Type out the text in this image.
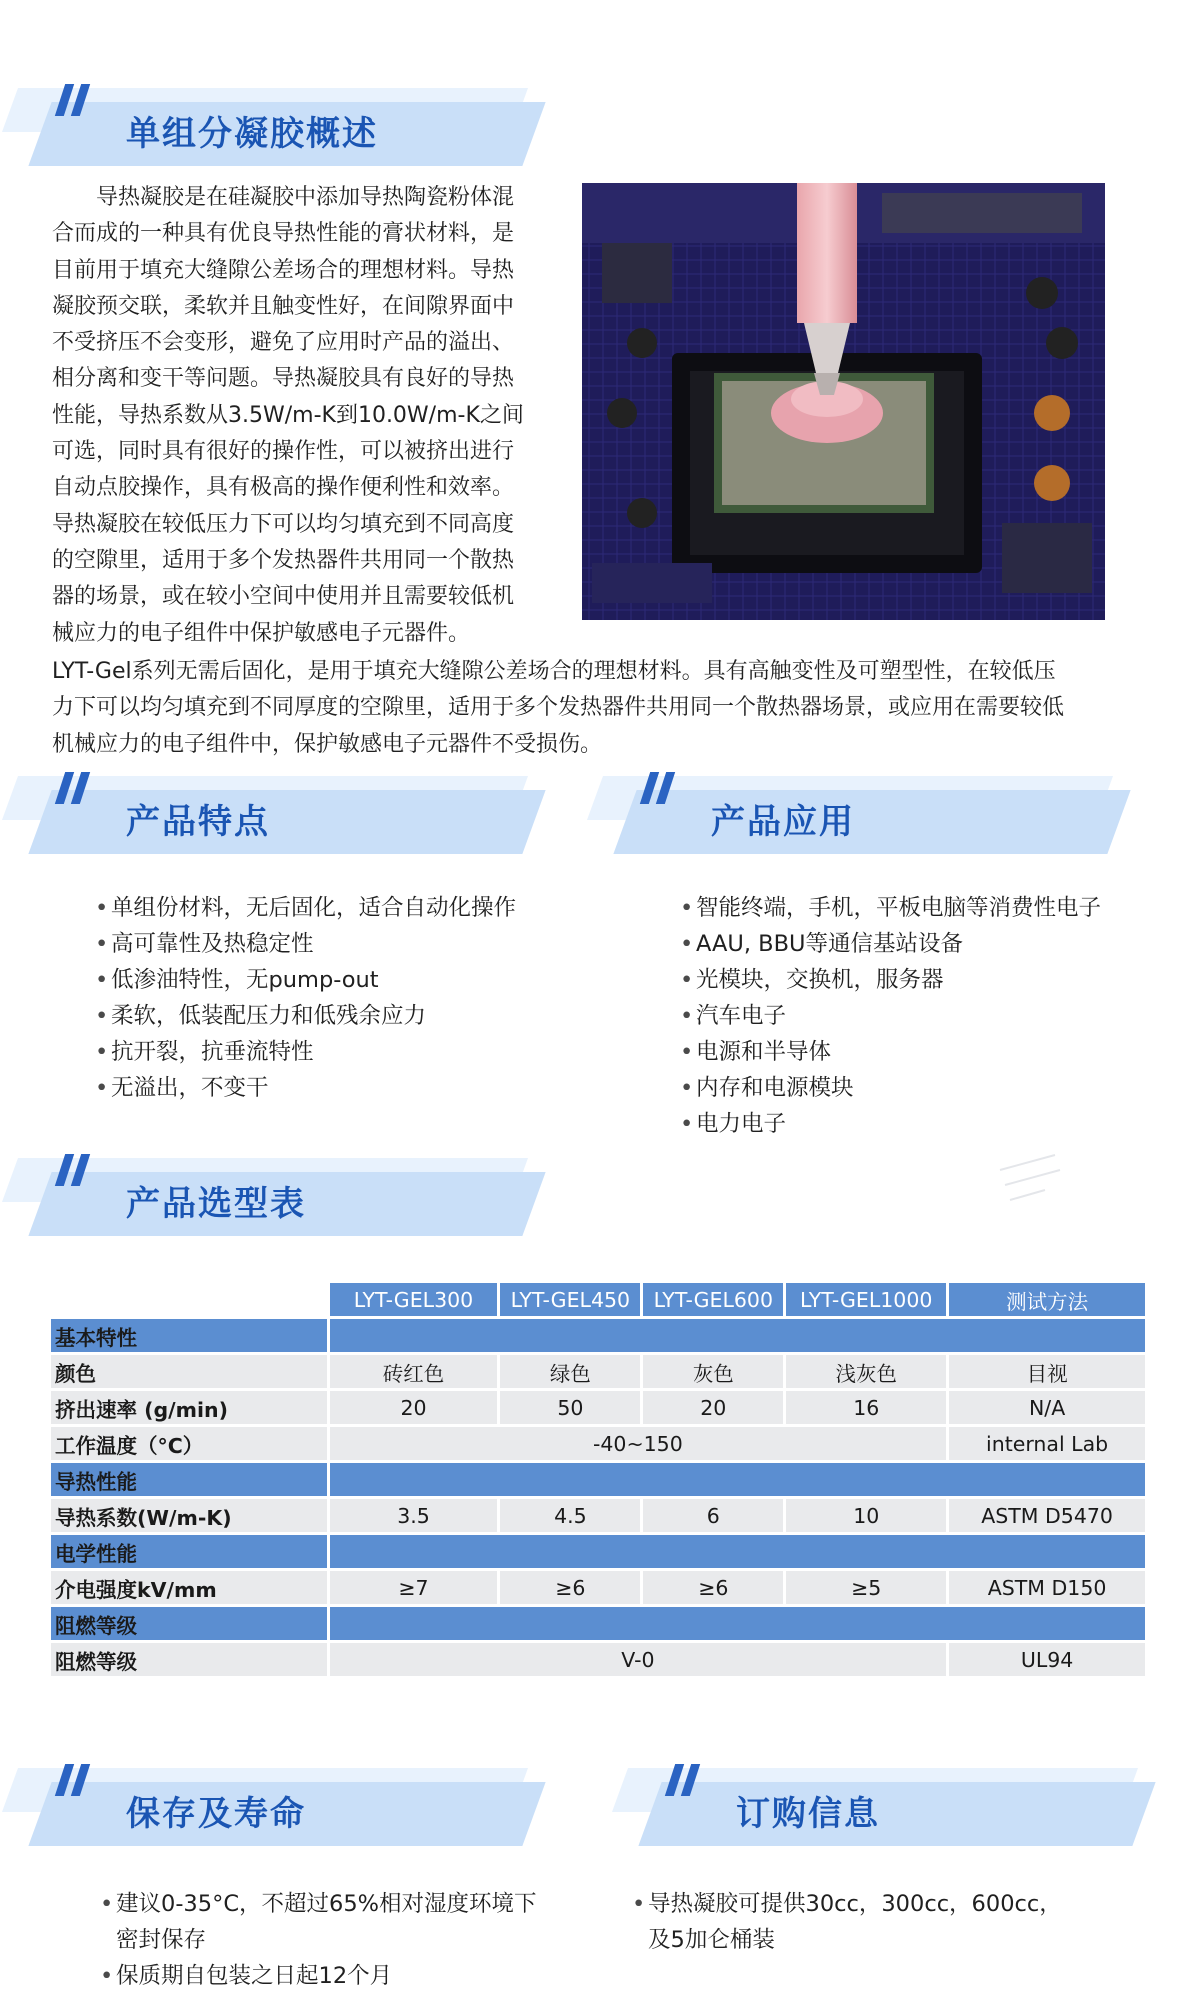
单组分凝胶概述
导热凝胶是在硅凝胶中添加导热陶瓷粉体混
合而成的一种具有优良导热性能的膏状材料，是
目前用于填充大缝隙公差场合的理想材料。导热
凝胶预交联，柔软并且触变性好，在间隙界面中
不受挤压不会变形，避免了应用时产品的溢出、
相分离和变干等问题。导热凝胶具有良好的导热
性能，导热系数从3.5W/m-K到10.0W/m-K之间
可选，同时具有很好的操作性，可以被挤出进行
自动点胶操作，具有极高的操作便利性和效率。
导热凝胶在较低压力下可以均匀填充到不同高度
的空隙里，适用于多个发热器件共用同一个散热
器的场景，或在较小空间中使用并且需要较低机
械应力的电子组件中保护敏感电子元器件。
LYT-Gel系列无需后固化，是用于填充大缝隙公差场合的理想材料。具有高触变性及可塑型性，在较低压
力下可以均匀填充到不同厚度的空隙里，适用于多个发热器件共用同一个散热器场景，或应用在需要较低
机械应力的电子组件中，保护敏感电子元器件不受损伤。
产品特点	产品应用
• 单组份材料，无后固化，适合自动化操作
• 高可靠性及热稳定性
• 低渗油特性，无pump-out
• 柔软，低装配压力和低残余应力
• 抗开裂，抗垂流特性
• 无溢出，不变干
• 智能终端，手机，平板电脑等消费性电子
• AAU, BBU等通信基站设备
• 光模块，交换机，服务器
• 汽车电子
• 电源和半导体
• 内存和电源模块
• 电力电子
产品选型表
	LYT-GEL300	LYT-GEL450	LYT-GEL600	LYT-GEL1000	测试方法
基本特性					
颜色	砖红色	绿色	灰色	浅灰色	目视
挤出速率 (g/min)	20	50	20	16	N/A
工作温度（°C）	-40~150				internal Lab
导热性能					
导热系数(W/m-K)	3.5	4.5	6	10	ASTM D5470
电学性能					
介电强度kV/mm	≥7	≥6	≥6	≥5	ASTM D150
阻燃等级					
阻燃等级	V-0				UL94
保存及寿命	订购信息
• 建议0-35°C，不超过65%相对湿度环境下
密封保存
• 保质期自包装之日起12个月
• 导热凝胶可提供30cc，300cc，600cc，
及5加仑桶装
